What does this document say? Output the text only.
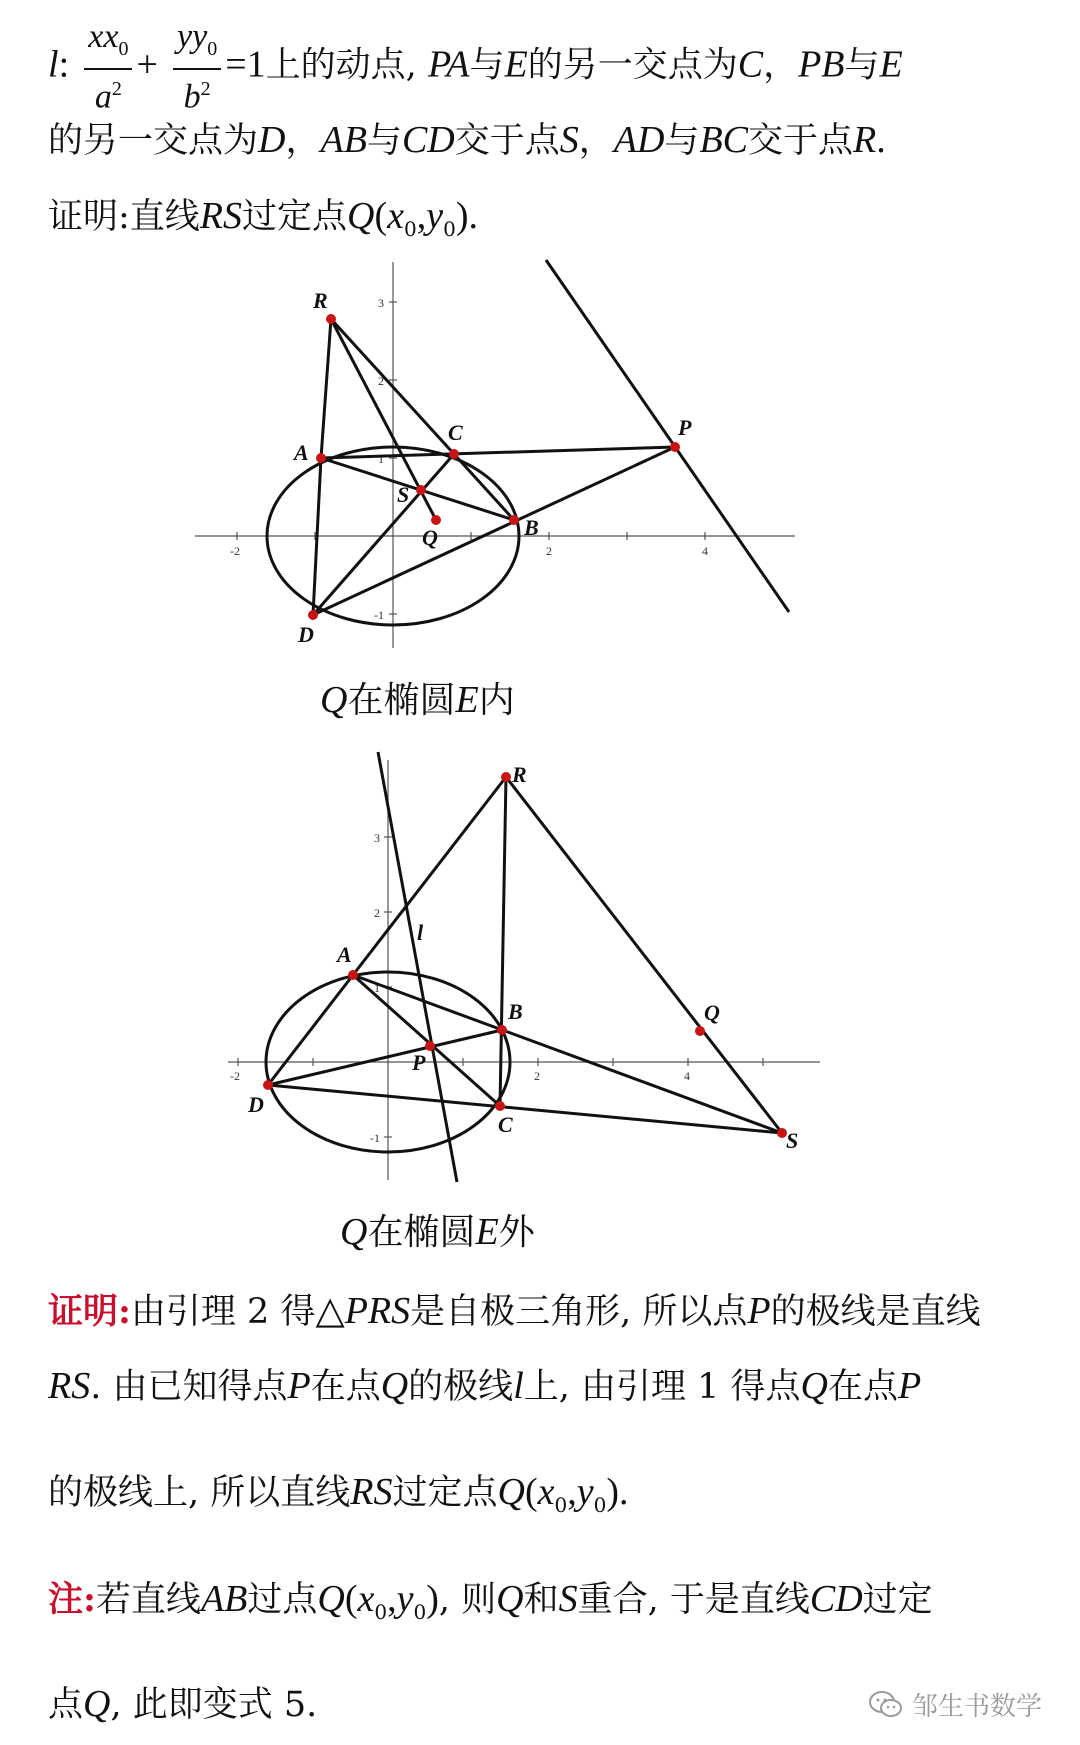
l: $\frac{xx_0}{a^2} + \frac{yy_0}{b^2} =1$上的动点, PA与E的另一交点为C，PB与E
的另一交点为D，AB与CD交于点S，AD与BC交于点R.
证明:直线RS过定点$Q(x_0,y_0)$.
-2	2	4
3
2
1
-1
R
A
C	P
S
Q	B
D
Q在椭圆E内
-2	2	4
3
2
1
-1
R
l
A
B	Q
P
D
C
S
Q在椭圆E外
证明:由引理 2 得△PRS是自极三角形, 所以点P的极线是直线
RS. 由已知得点P在点Q的极线l上, 由引理 1 得点Q在点P
的极线上, 所以直线RS过定点$Q(x_0,y_0)$.
注:若直线AB过点$Q(x_0,y_0)$, 则Q和S重合, 于是直线CD过定
点Q, 此即变式 5.	邹生书数学
